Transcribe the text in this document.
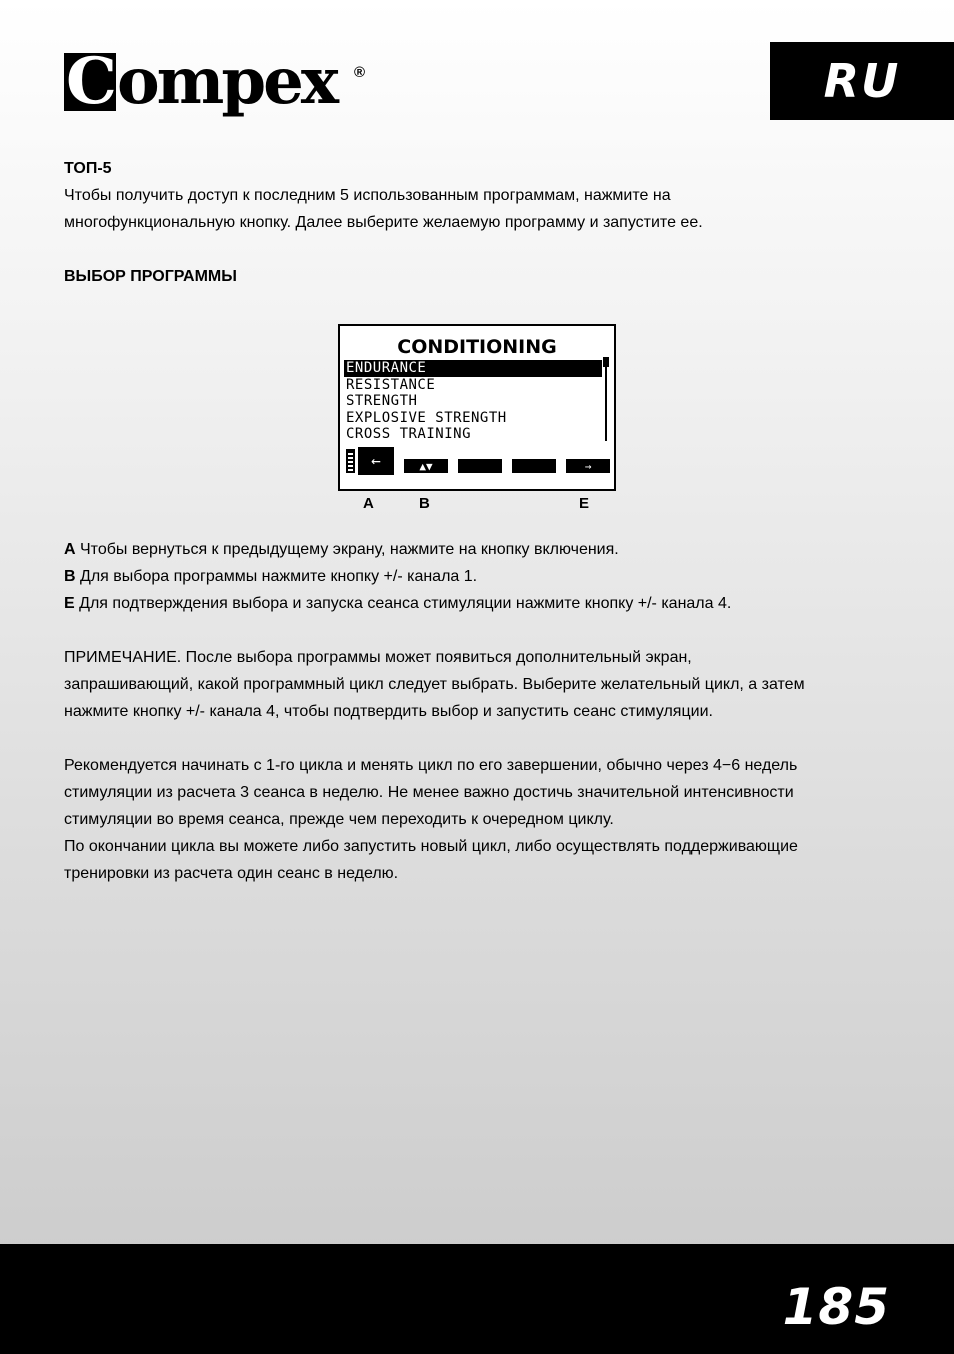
Compex ®	RU

ТОП-5

Чтобы получить доступ к последним 5 использованным программам, нажмите на

многофункциональную кнопку. Далее выберите желаемую программу и запустите ее.

ВЫБОР ПРОГРАММЫ

CONDITIONING
ENDURANCE
RESISTANCE
STRENGTH
EXPLOSIVE STRENGTH
CROSS TRAINING
←	▲▼	→
A	B	E

A Чтобы вернуться к предыдущему экрану, нажмите на кнопку включения.

B Для выбора программы нажмите кнопку +/- канала 1.

E Для подтверждения выбора и запуска сеанса стимуляции нажмите кнопку +/- канала 4.

ПРИМЕЧАНИЕ. После выбора программы может появиться дополнительный экран,

запрашивающий, какой программный цикл следует выбрать. Выберите желательный цикл, а затем

нажмите кнопку +/- канала 4, чтобы подтвердить выбор и запустить сеанс стимуляции.

Рекомендуется начинать с 1-го цикла и менять цикл по его завершении, обычно через 4−6 недель

стимуляции из расчета 3 сеанса в неделю. Не менее важно достичь значительной интенсивности

стимуляции во время сеанса, прежде чем переходить к очередном циклу.

По окончании цикла вы можете либо запустить новый цикл, либо осуществлять поддерживающие

тренировки из расчета один сеанс в неделю.

185
